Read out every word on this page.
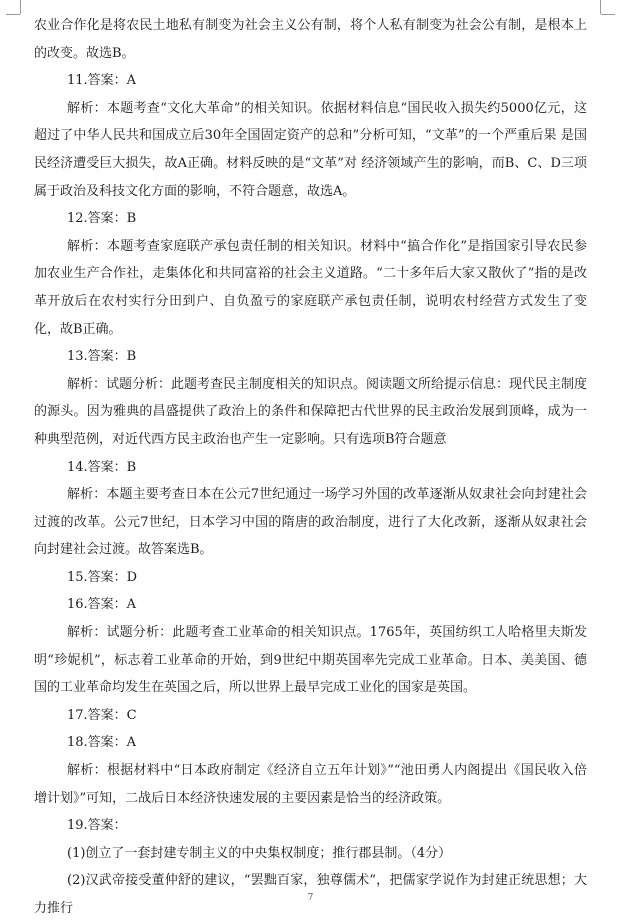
农业合作化是将农民土地私有制变为社会主义公有制，将个人私有制变为社会公有制，是根本上的改变。故选B。

11.答案：A

解析：本题考查“文化大革命”的相关知识。依据材料信息“国民收入损失约5000亿元，这超过了中华人民共和国成立后30年全国固定资产的总和”分析可知，“文革”的一个严重后果 是国民经济遭受巨大损失，故A正确。材料反映的是“文革”对 经济领域产生的影响，而B、C、D三项属于政治及科技文化方面的影响，不符合题意，故选A。

12.答案：B

解析：本题考查家庭联产承包责任制的相关知识。材料中“搞合作化”是指国家引导农民参加农业生产合作社，走集体化和共同富裕的社会主义道路。“二十多年后大家又散伙了”指的是改革开放后在农村实行分田到户、自负盈亏的家庭联产承包责任制，说明农村经营方式发生了变化，故B正确。

13.答案：B

解析：试题分析：此题考查民主制度相关的知识点。阅读题文所给提示信息：现代民主制度的源头。因为雅典的昌盛提供了政治上的条件和保障把古代世界的民主政治发展到顶峰，成为一种典型范例，对近代西方民主政治也产生一定影响。只有选项B符合题意

14.答案：B

解析：本题主要考查日本在公元7世纪通过一场学习外国的改革逐渐从奴隶社会向封建社会过渡的改革。公元7世纪，日本学习中国的隋唐的政治制度，进行了大化改新，逐渐从奴隶社会向封建社会过渡。故答案选B。

15.答案：D

16.答案：A

解析：试题分析：此题考查工业革命的相关知识点。1765年，英国纺织工人哈格里夫斯发明“珍妮机”，标志着工业革命的开始，到9世纪中期英国率先完成工业革命。日本、美美国、德国的工业革命均发生在英国之后，所以世界上最早完成工业化的国家是英国。

17.答案：C

18.答案：A

解析：根据材料中“日本政府制定《经济自立五年计划》”“池田勇人内阁提出《国民收入倍增计划》”可知，二战后日本经济快速发展的主要因素是恰当的经济政策。

19.答案：

(1)创立了一套封建专制主义的中央集权制度；推行郡县制。（4分）

(2)汉武帝接受董仲舒的建议，“罢黜百家，独尊儒术”，把儒家学说作为封建正统思想；大力推行

7
